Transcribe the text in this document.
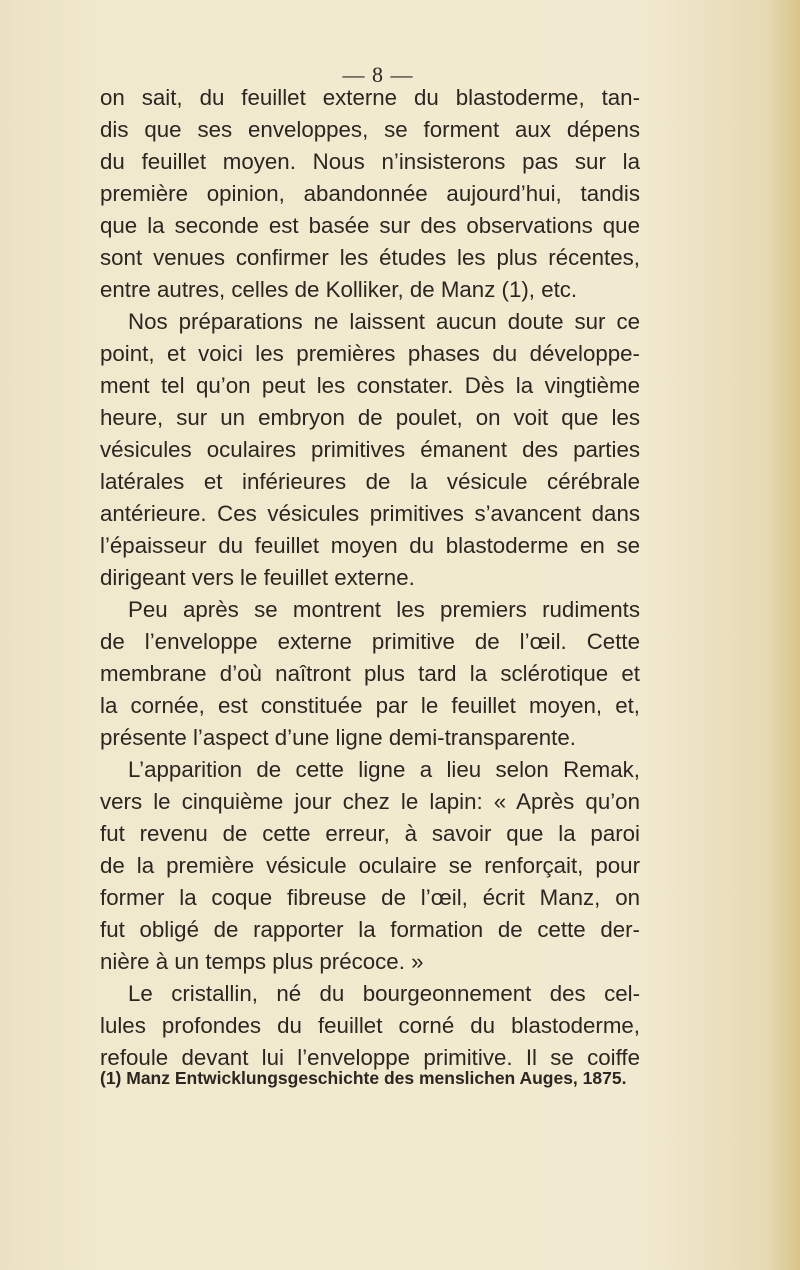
— 8 —
on sait, du feuillet externe du blastoderme, tan-
dis que ses enveloppes, se forment aux dépens
du feuillet moyen. Nous n’insisterons pas sur la
première opinion, abandonnée aujourd’hui, tandis
que la seconde est basée sur des observations que
sont venues confirmer les études les plus récentes,
entre autres, celles de Kolliker, de Manz (1), etc.
Nos préparations ne laissent aucun doute sur ce
point, et voici les premières phases du développe-
ment tel qu’on peut les constater. Dès la vingtième
heure, sur un embryon de poulet, on voit que les
vésicules oculaires primitives émanent des parties
latérales et inférieures de la vésicule cérébrale
antérieure. Ces vésicules primitives s’avancent dans
l’épaisseur du feuillet moyen du blastoderme en se
dirigeant vers le feuillet externe.
Peu après se montrent les premiers rudiments
de l’enveloppe externe primitive de l’œil. Cette
membrane d’où naîtront plus tard la sclérotique et
la cornée, est constituée par le feuillet moyen, et,
présente l’aspect d’une ligne demi-transparente.
L’apparition de cette ligne a lieu selon Remak,
vers le cinquième jour chez le lapin: « Après qu’on
fut revenu de cette erreur, à savoir que la paroi
de la première vésicule oculaire se renforçait, pour
former la coque fibreuse de l’œil, écrit Manz, on
fut obligé de rapporter la formation de cette der-
nière à un temps plus précoce. »
Le cristallin, né du bourgeonnement des cel-
lules profondes du feuillet corné du blastoderme,
refoule devant lui l’enveloppe primitive. Il se coiffe
(1) Manz Entwicklungsgeschichte des menslichen Auges, 1875.
